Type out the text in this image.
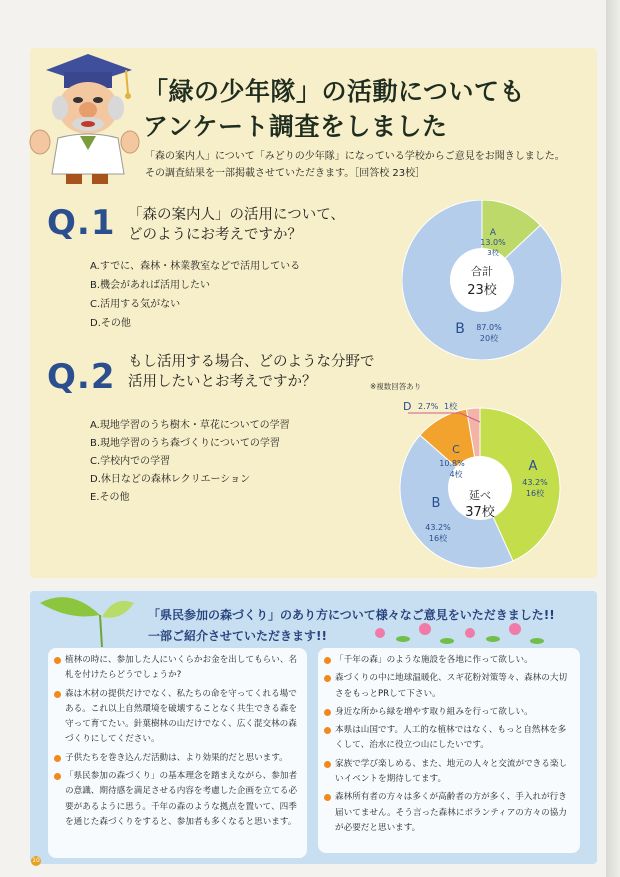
「緑の少年隊」の活動についても
アンケート調査をしました
「森の案内人」について「みどりの少年隊」になっている学校からご意見をお聞きしました。
その調査結果を一部掲載させていただきます。［回答校 23校］
Q.1 「森の案内人」の活用について、
どのようにお考えですか？
A.すでに、森林・林業教室などで活用している
B.機会があれば活用したい
C.活用する気がない
D.その他
合計
23校
13.0%
3校
A
B 87.0%
20校
Q.2 もし活用する場合、どのような分野で
活用したいとお考えですか？	※複数回答あり
A.現地学習のうち樹木・草花についての学習
B.現地学習のうち森づくりについての学習
C.学校内での学習
D.休日などの森林レクリエーション
E.その他	延べ
37校
A
43.2%
16校
B
43.2%
16校
C
10.8%
4校
D 2.7% 1校
「県民参加の森づくり」のあり方について様々なご意見をいただきました!!
一部ご紹介させていただきます!!
植林の時に、参加した人にいくらかお金を出してもらい、名札を付けたらどうでしょうか?
森は木材の提供だけでなく、私たちの命を守ってくれる場である。これ以上自然環境を破壊することなく共生できる森を守って育てたい。針葉樹林の山だけでなく、広く混交林の森づくりにしてください。
子供たちを巻き込んだ活動は、より効果的だと思います。
「県民参加の森づくり」の基本理念を踏まえながら、参加者の意識、期待感を満足させる内容を考慮した企画を立てる必要があるように思う。千年の森のような拠点を置いて、四季を通じた森づくりをすると、参加者も多くなると思います。
「千年の森」のような施設を各地に作って欲しい。
森づくりの中に地球温暖化、スギ花粉対策等々、森林の大切さをもっとPRして下さい。
身近な所から緑を増やす取り組みを行って欲しい。
本県は山国です。人工的な植林ではなく、もっと自然林を多くして、治水に役立つ山にしたいです。
家族で学び楽しめる、また、地元の人々と交流ができる楽しいイベントを期待してます。
森林所有者の方々は多くが高齢者の方が多く、手入れが行き届いてません。そう言った森林にボランティアの方々の協力が必要だと思います。
10
